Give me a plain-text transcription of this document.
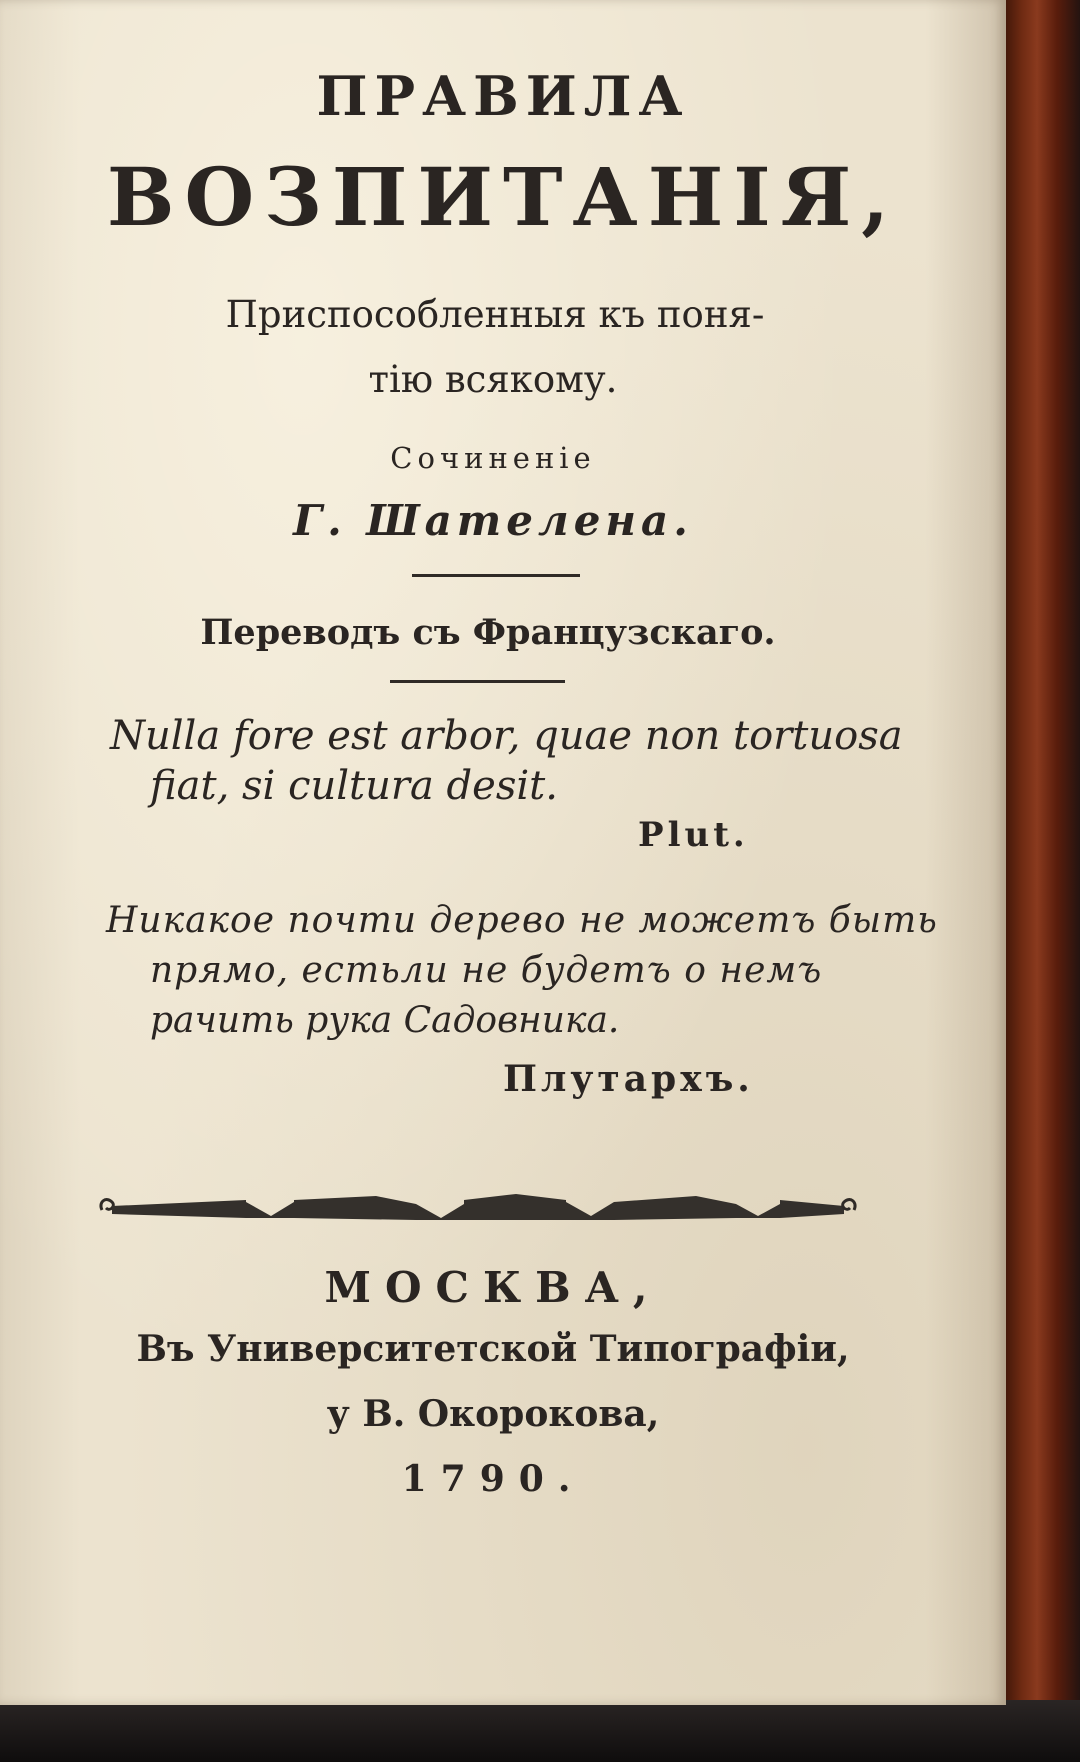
ПРАВИЛА
ВОЗПИТАНІЯ,
Приспособленныя къ поня-
тію всякому.
Сочиненіе
Г. Шателена.
Переводъ съ Французскаго.
Nulla fore est arbor, quae non tortuosa
fiat, si cultura desit.
Plut.
Никакое почти дерево не можетъ быть
прямо, естьли не будетъ о немъ
рачить рука Садовника.
Плутархъ.
МОСКВА,
Въ Университетской Типографіи,
у В. Окорокова,
1790.
